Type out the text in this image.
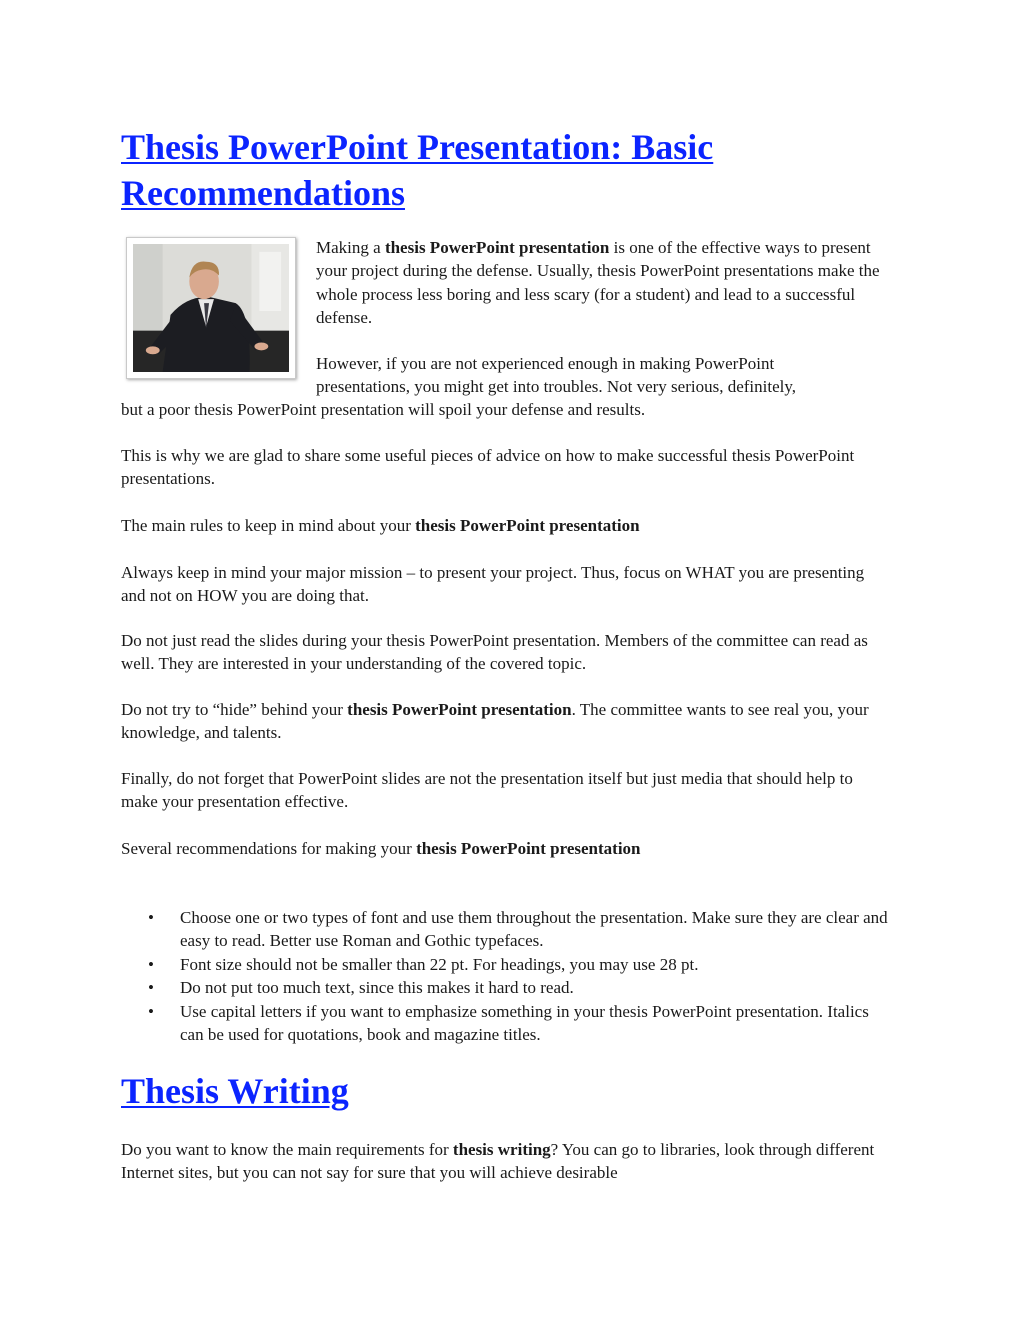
Thesis PowerPoint Presentation: Basic Recommendations

Making a thesis PowerPoint presentation is one of the effective ways to present your project during the defense. Usually, thesis PowerPoint presentations make the whole process less boring and less scary (for a student) and lead to a successful defense.

However, if you are not experienced enough in making PowerPoint

presentations, you might get into troubles. Not very serious, definitely,

but a poor thesis PowerPoint presentation will spoil your defense and results.

This is why we are glad to share some useful pieces of advice on how to make successful thesis PowerPoint presentations.

The main rules to keep in mind about your thesis PowerPoint presentation

Always keep in mind your major mission – to present your project. Thus, focus on WHAT you are presenting and not on HOW you are doing that.

Do not just read the slides during your thesis PowerPoint presentation. Members of the committee can read as well. They are interested in your understanding of the covered topic.

Do not try to “hide” behind your thesis PowerPoint presentation. The committee wants to see real you, your knowledge, and talents.

Finally, do not forget that PowerPoint slides are not the presentation itself but just media that should help to make your presentation effective.

Several recommendations for making your thesis PowerPoint presentation

• Choose one or two types of font and use them throughout the presentation. Make sure they are clear and easy to read. Better use Roman and Gothic typefaces.
• Font size should not be smaller than 22 pt. For headings, you may use 28 pt.
• Do not put too much text, since this makes it hard to read.
• Use capital letters if you want to emphasize something in your thesis PowerPoint presentation. Italics can be used for quotations, book and magazine titles.
Thesis Writing

Do you want to know the main requirements for thesis writing? You can go to libraries, look through different Internet sites, but you can not say for sure that you will achieve desirable
